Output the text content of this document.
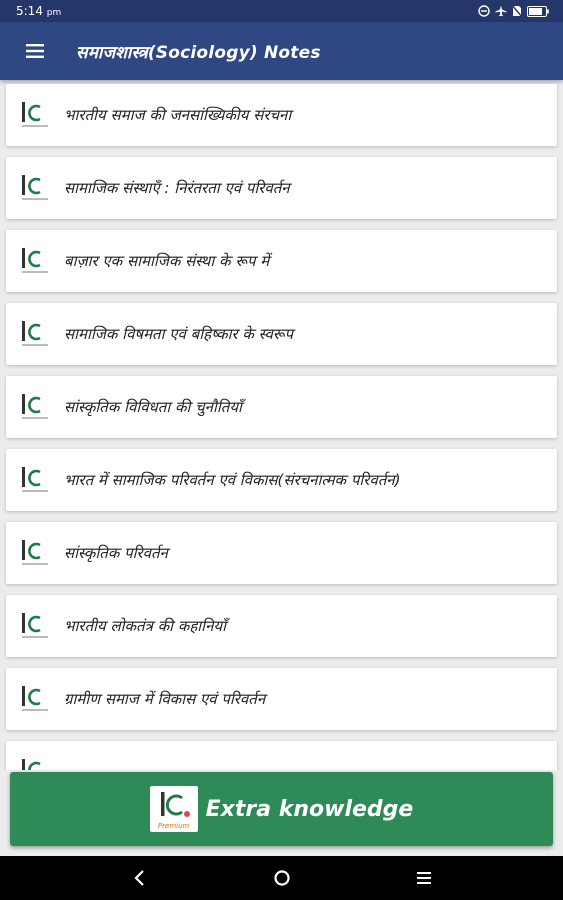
5:14 pm
समाजशास्त्र(Sociology) Notes
भारतीय समाज की जनसांख्यिकीय संरचना
सामाजिक संस्थाएँ : निरंतरता एवं परिवर्तन
बाज़ार एक सामाजिक संस्था के रूप में
सामाजिक विषमता एवं बहिष्कार के स्वरूप
सांस्कृतिक विविधता की चुनौतियाँ
भारत में सामाजिक परिवर्तन एवं विकास(संरचनात्मक परिवर्तन)
सांस्कृतिक परिवर्तन
भारतीय लोकतंत्र की कहानियाँ
ग्रामीण समाज में विकास एवं परिवर्तन
Premium
Extra knowledge
